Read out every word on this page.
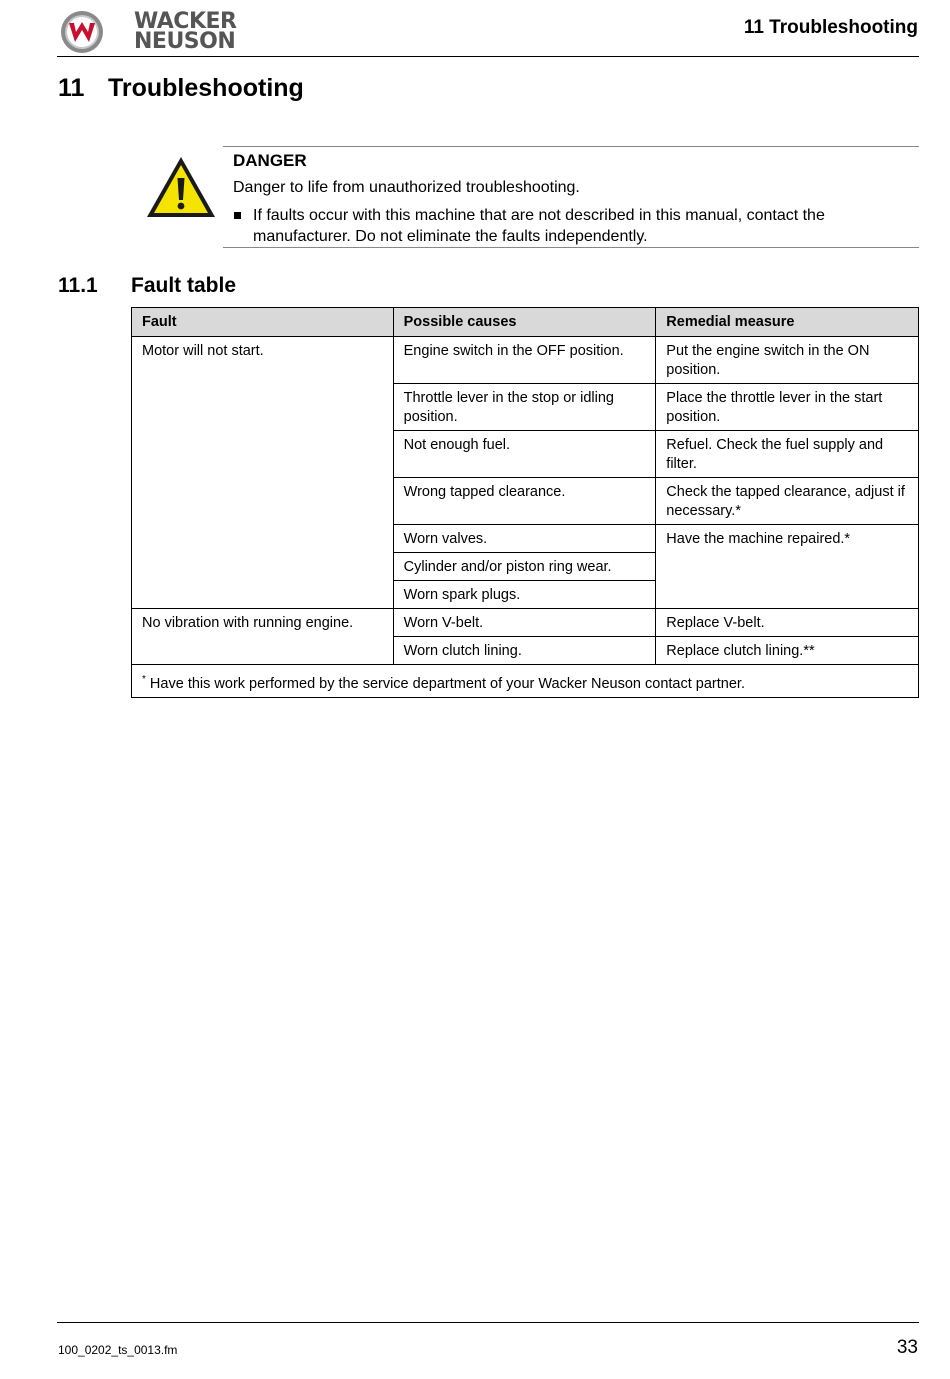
WACKER
NEUSON
11 Troubleshooting
11 Troubleshooting
DANGER
Danger to life from unauthorized troubleshooting.
If faults occur with this machine that are not described in this manual, contact the manufacturer. Do not eliminate the faults independently.
11.1 Fault table
Fault	Possible causes	Remedial measure
Motor will not start.	Engine switch in the OFF position.	Put the engine switch in the ON position.
	Throttle lever in the stop or idling position.	Place the throttle lever in the start position.
	Not enough fuel.	Refuel. Check the fuel supply and filter.
	Wrong tapped clearance.	Check the tapped clearance, adjust if necessary.*
	Worn valves.	Have the machine repaired.*
	Cylinder and/or piston ring wear.	
	Worn spark plugs.	
No vibration with running engine.	Worn V-belt.	Replace V-belt.
	Worn clutch lining.	Replace clutch lining.**
* Have this work performed by the service department of your Wacker Neuson contact partner.		
100_0202_ts_0013.fm	33
